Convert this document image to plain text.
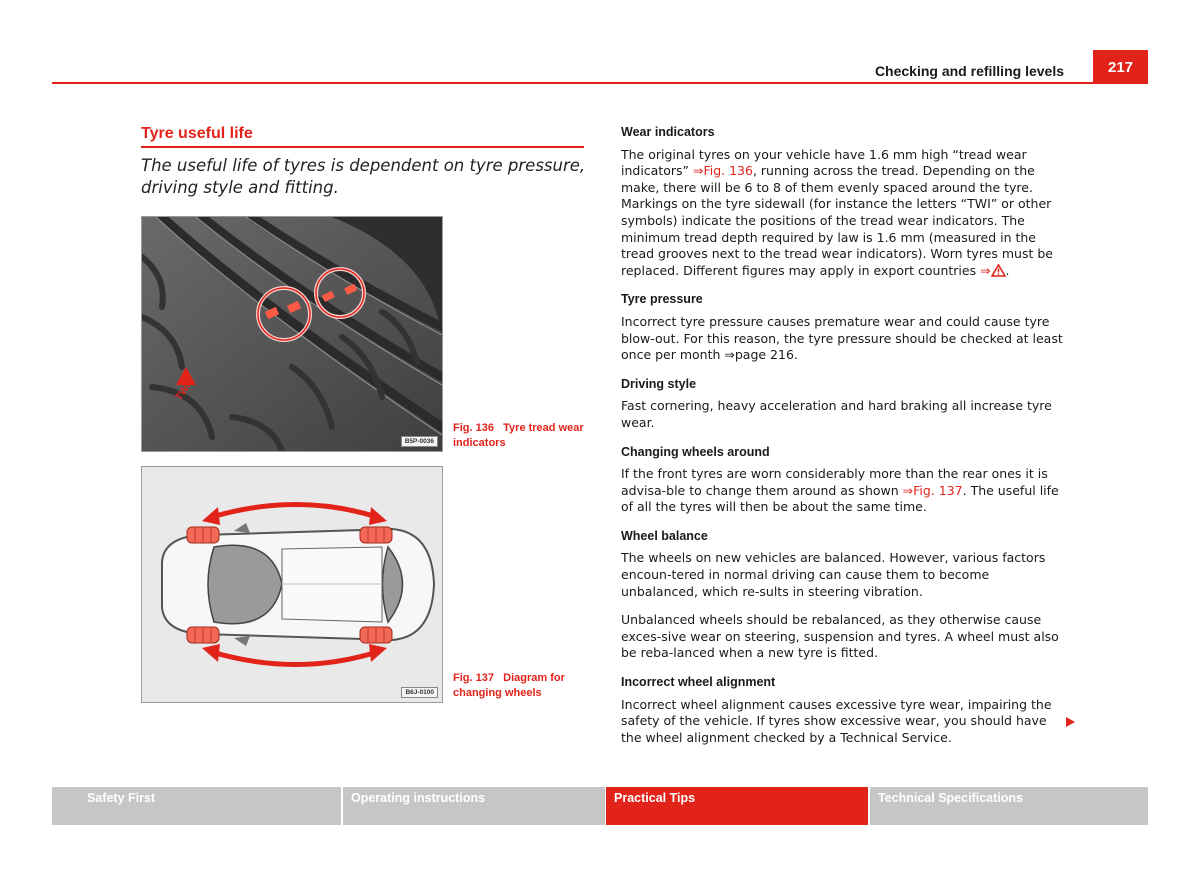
Checking and refilling levels	217
Tyre useful life
The useful life of tyres is dependent on tyre pressure, driving style and fitting.
TWI
B5P-0036
Fig. 136 Tyre tread wear indicators
B6J-0100
Fig. 137 Diagram for changing wheels
Wear indicators

The original tyres on your vehicle have 1.6 mm high “tread wear indicators” ⇒Fig. 136, running across the tread. Depending on the make, there will be 6 to 8 of them evenly spaced around the tyre. Markings on the tyre sidewall (for instance the letters “TWI” or other symbols) indicate the positions of the tread wear indicators. The minimum tread depth required by law is 1.6 mm (measured in the tread grooves next to the tread wear indicators). Worn tyres must be replaced. Different figures may apply in export countries ⇒ .

Tyre pressure

Incorrect tyre pressure causes premature wear and could cause tyre blow-out. For this reason, the tyre pressure should be checked at least once per month ⇒page 216.

Driving style

Fast cornering, heavy acceleration and hard braking all increase tyre wear.

Changing wheels around

If the front tyres are worn considerably more than the rear ones it is advisa-ble to change them around as shown ⇒Fig. 137. The useful life of all the tyres will then be about the same time.

Wheel balance

The wheels on new vehicles are balanced. However, various factors encoun-tered in normal driving can cause them to become unbalanced, which re-sults in steering vibration.

Unbalanced wheels should be rebalanced, as they otherwise cause exces-sive wear on steering, suspension and tyres. A wheel must also be reba-lanced when a new tyre is fitted.

Incorrect wheel alignment

Incorrect wheel alignment causes excessive tyre wear, impairing the safety of the vehicle. If tyres show excessive wear, you should have the wheel alignment checked by a Technical Service.

Safety First	Operating instructions	Practical Tips	Technical Specifications
